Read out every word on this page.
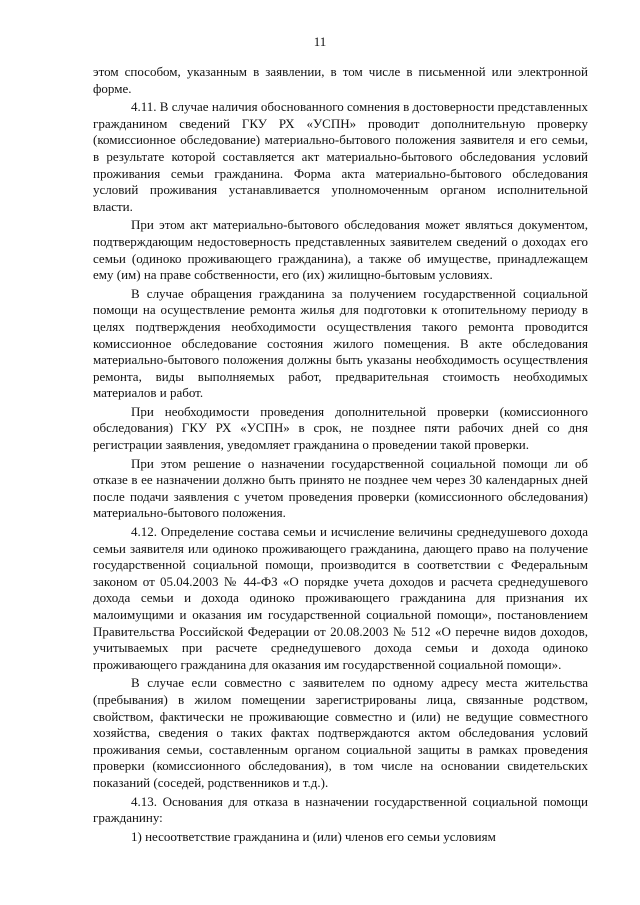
11

этом способом, указанным в заявлении, в том числе в письменной или электронной форме.

4.11. В случае наличия обоснованного сомнения в достоверности представленных гражданином сведений ГКУ РХ «УСПН» проводит дополнительную проверку (комиссионное обследование) материально-бытового положения заявителя и его семьи, в результате которой составляется акт материально-бытового обследования условий проживания семьи гражданина. Форма акта материально-бытового обследования условий проживания устанавливается уполномоченным органом исполнительной власти.

При этом акт материально-бытового обследования может являться документом, подтверждающим недостоверность представленных заявителем сведений о доходах его семьи (одиноко проживающего гражданина), а также об имуществе, принадлежащем ему (им) на праве собственности, его (их) жилищно-бытовым условиях.

В случае обращения гражданина за получением государственной социальной помощи на осуществление ремонта жилья для подготовки к отопительному периоду в целях подтверждения необходимости осуществления такого ремонта проводится комиссионное обследование состояния жилого помещения. В акте обследования материально-бытового положения должны быть указаны необходимость осуществления ремонта, виды выполняемых работ, предварительная стоимость необходимых материалов и работ.

При необходимости проведения дополнительной проверки (комиссионного обследования) ГКУ РХ «УСПН» в срок, не позднее пяти рабочих дней со дня регистрации заявления, уведомляет гражданина о проведении такой проверки.

При этом решение о назначении государственной социальной помощи ли об отказе в ее назначении должно быть принято не позднее чем через 30 календарных дней после подачи заявления с учетом проведения проверки (комиссионного обследования) материально-бытового положения.

4.12. Определение состава семьи и исчисление величины среднедушевого дохода семьи заявителя или одиноко проживающего гражданина, дающего право на получение государственной социальной помощи, производится в соответствии с Федеральным законом от 05.04.2003 № 44-ФЗ «О порядке учета доходов и расчета среднедушевого дохода семьи и дохода одиноко проживающего гражданина для признания их малоимущими и оказания им государственной социальной помощи», постановлением Правительства Российской Федерации от 20.08.2003 № 512 «О перечне видов доходов, учитываемых при расчете среднедушевого дохода семьи и дохода одиноко проживающего гражданина для оказания им государственной социальной помощи».

В случае если совместно с заявителем по одному адресу места жительства (пребывания) в жилом помещении зарегистрированы лица, связанные родством, свойством, фактически не проживающие совместно и (или) не ведущие совместного хозяйства, сведения о таких фактах подтверждаются актом обследования условий проживания семьи, составленным органом социальной защиты в рамках проведения проверки (комиссионного обследования), в том числе на основании свидетельских показаний (соседей, родственников и т.д.).

4.13. Основания для отказа в назначении государственной социальной помощи гражданину:

1) несоответствие гражданина и (или) членов его семьи условиям
